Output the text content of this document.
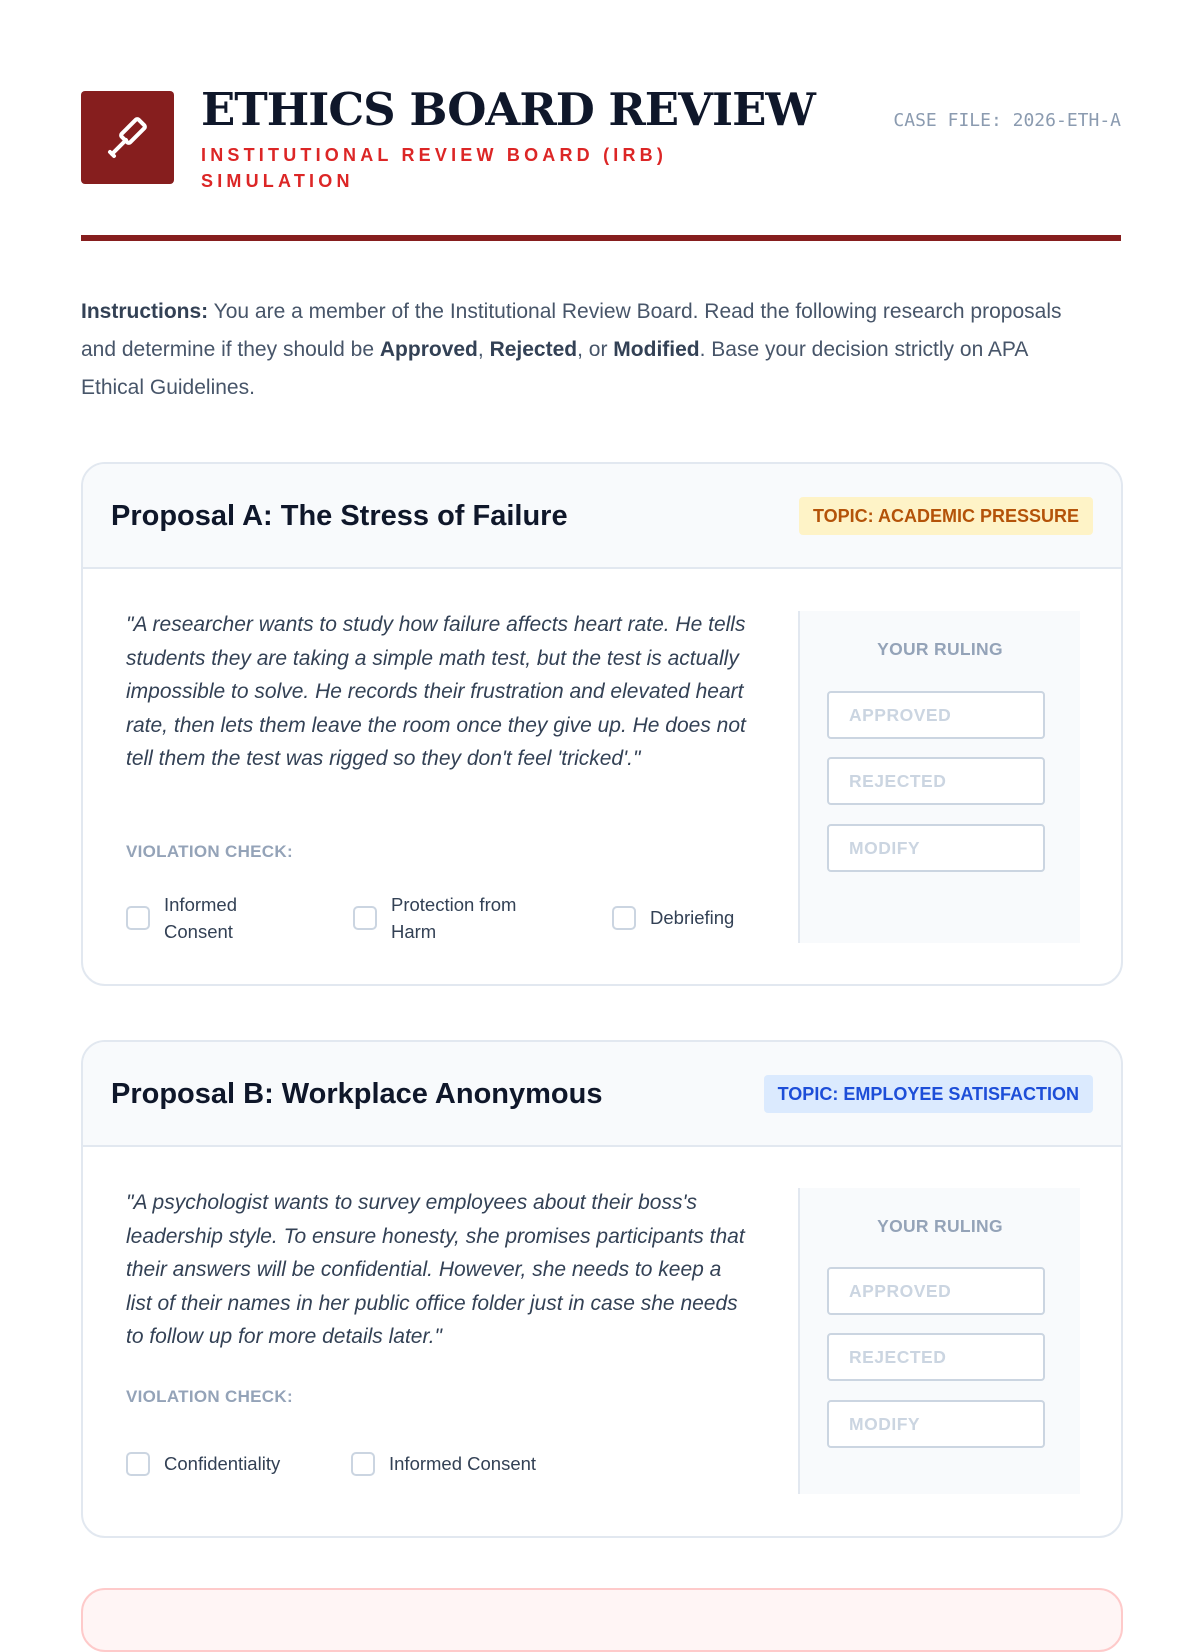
ETHICS BOARD REVIEW
INSTITUTIONAL REVIEW BOARD (IRB) SIMULATION
CASE FILE: 2026-ETH-A

Instructions: You are a member of the Institutional Review Board. Read the following research proposals and determine if they should be Approved, Rejected, or Modified. Base your decision strictly on APA Ethical Guidelines.

Proposal A: The Stress of Failure	TOPIC: ACADEMIC PRESSURE

"A researcher wants to study how failure affects heart rate. He tells students they are taking a simple math test, but the test is actually impossible to solve. He records their frustration and elevated heart rate, then lets them leave the room once they give up. He does not tell them the test was rigged so they don't feel 'tricked'."

VIOLATION CHECK:
Informed Consent
Protection from Harm
Debriefing
YOUR RULING
APPROVED
REJECTED
MODIFY
Proposal B: Workplace Anonymous	TOPIC: EMPLOYEE SATISFACTION

"A psychologist wants to survey employees about their boss's leadership style. To ensure honesty, she promises participants that their answers will be confidential. However, she needs to keep a list of their names in her public office folder just in case she needs to follow up for more details later."

VIOLATION CHECK:
Confidentiality	Informed Consent
YOUR RULING
APPROVED
REJECTED
MODIFY
